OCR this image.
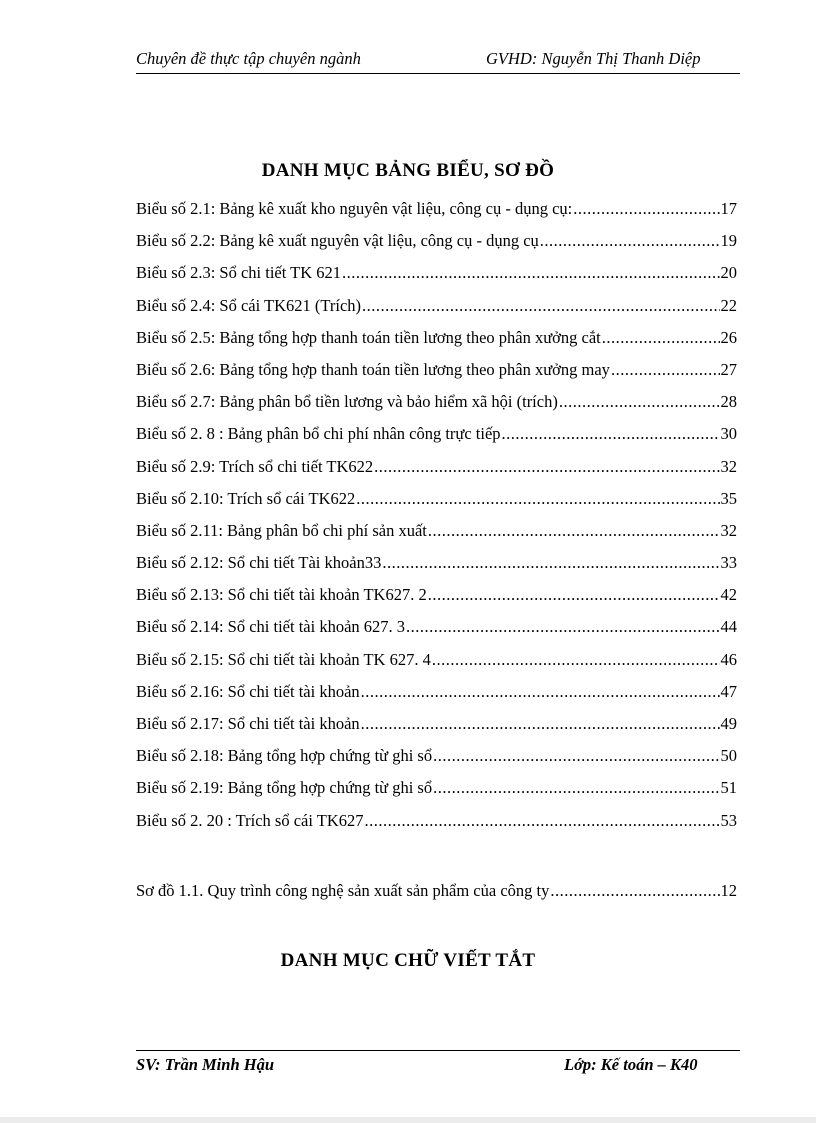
Chuyên đề thực tập chuyên ngành	GVHD: Nguyễn Thị Thanh Diệp
DANH MỤC BẢNG BIỂU, SƠ ĐỒ
Biểu số 2.1: Bảng kê xuất kho nguyên vật liệu, công cụ - dụng cụ: .....	17
Biểu số 2.2: Bảng kê xuất nguyên vật liệu, công cụ - dụng cụ .....	19
Biểu số 2.3: Sổ chi tiết TK 621 .....	20
Biểu số 2.4: Sổ cái TK621 (Trích) .....	22
Biểu số 2.5: Bảng tổng hợp thanh toán tiền lương theo phân xưởng cắt .....	26
Biểu số 2.6: Bảng tổng hợp thanh toán tiền lương theo phân xưởng may .....	27
Biểu số 2.7: Bảng phân bổ tiền lương và bảo hiểm xã hội (trích) .....	28
Biểu số 2. 8 : Bảng phân bổ chi phí nhân công trực tiếp .....	30
Biểu số 2.9: Trích sổ chi tiết TK622 .....	32
Biểu số 2.10: Trích sổ cái TK622 .....	35
Biểu số 2.11: Bảng phân bổ chi phí sản xuất .....	32
Biểu số 2.12: Sổ chi tiết Tài khoản33 .....	33
Biểu số 2.13: Sổ chi tiết tài khoản TK627. 2 .....	42
Biểu số 2.14: Sổ chi tiết tài khoản 627. 3 .....	44
Biểu số 2.15: Sổ chi tiết tài khoản TK 627. 4 .....	46
Biểu số 2.16: Sổ chi tiết tài khoản .....	47
Biểu số 2.17: Sổ chi tiết tài khoản .....	49
Biểu số 2.18: Bảng tổng hợp chứng từ ghi sổ .....	50
Biểu số 2.19: Bảng tổng hợp chứng từ ghi sổ .....	51
Biểu số 2. 20 : Trích sổ cái TK627 .....	53
Sơ đồ 1.1. Quy trình công nghệ sản xuất sản phẩm của công ty .....	12
DANH MỤC CHỮ VIẾT TẮT
SV: Trần Minh Hậu	Lớp: Kế toán – K40
